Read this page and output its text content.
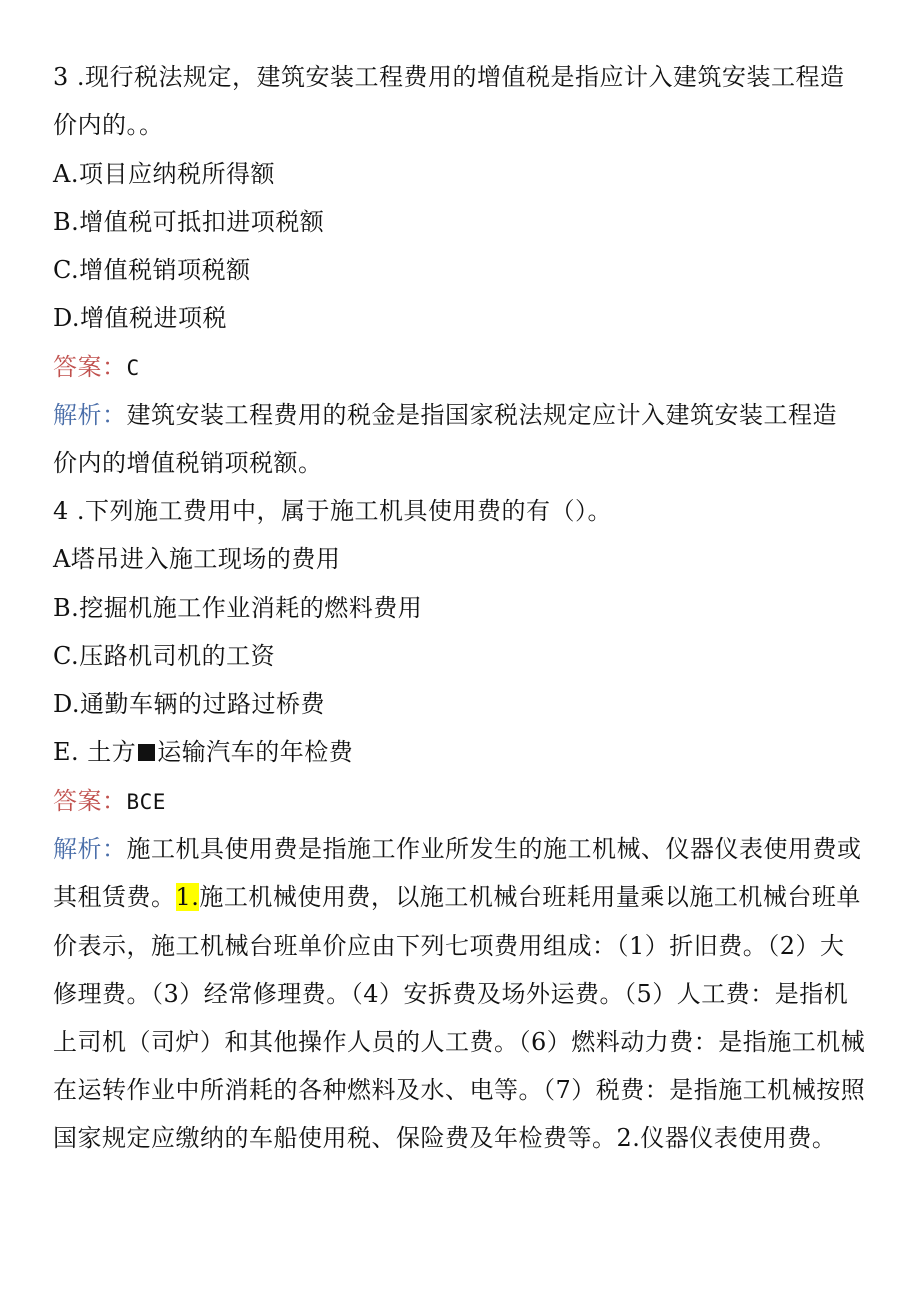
3 .现行税法规定，建筑安装工程费用的增值税是指应计入建筑安装工程造
价内的。。
A.项目应纳税所得额
B.增值税可抵扣进项税额
C.增值税销项税额
D.增值税进项税
答案：C
解析：建筑安装工程费用的税金是指国家税法规定应计入建筑安装工程造
价内的增值税销项税额。
4 .下列施工费用中，属于施工机具使用费的有（）。
A塔吊进入施工现场的费用
B.挖掘机施工作业消耗的燃料费用
C.压路机司机的工资
D.通勤车辆的过路过桥费
E. 土方 运输汽车的年检费
答案：BCE
解析：施工机具使用费是指施工作业所发生的施工机械、仪器仪表使用费或
其租赁费。1.施工机械使用费，以施工机械台班耗用量乘以施工机械台班单
价表示，施工机械台班单价应由下列七项费用组成：（1）折旧费。（2）大
修理费。（3）经常修理费。（4）安拆费及场外运费。（5）人工费：是指机
上司机（司炉）和其他操作人员的人工费。（6）燃料动力费：是指施工机械
在运转作业中所消耗的各种燃料及水、电等。（7）税费：是指施工机械按照
国家规定应缴纳的车船使用税、保险费及年检费等。2.仪器仪表使用费。
